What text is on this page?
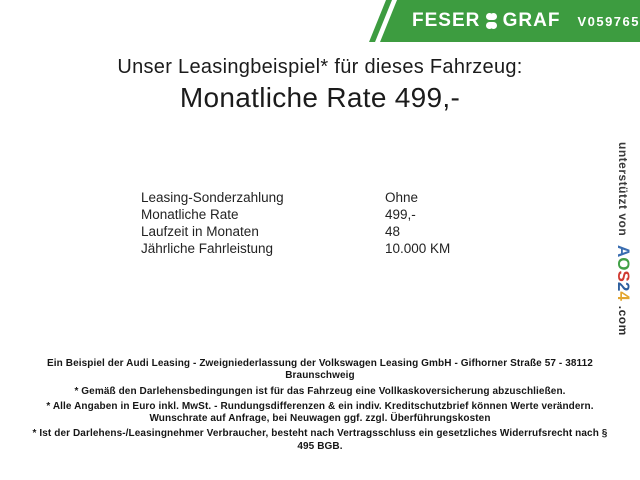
FESER GRAF V059765
Unser Leasingbeispiel* für dieses Fahrzeug:
Monatliche Rate 499,-
Leasing-Sonderzahlung	Ohne
Monatliche Rate	499,-
Laufzeit in Monaten	48
Jährliche Fahrleistung	10.000 KM

Ein Beispiel der Audi Leasing - Zweigniederlassung der Volkswagen Leasing GmbH - Gifhorner Straße 57 - 38112 Braunschweig

* Gemäß den Darlehensbedingungen ist für das Fahrzeug eine Vollkaskoversicherung abzuschließen.

* Alle Angaben in Euro inkl. MwSt. - Rundungsdifferenzen & ein indiv. Kreditschutzbrief können Werte verändern. Wunschrate auf Anfrage, bei Neuwagen ggf. zzgl. Überführungskosten

* Ist der Darlehens-/Leasingnehmer Verbraucher, besteht nach Vertragsschluss ein gesetzliches Widerrufsrecht nach § 495 BGB.

unterstützt von AOS24.com
